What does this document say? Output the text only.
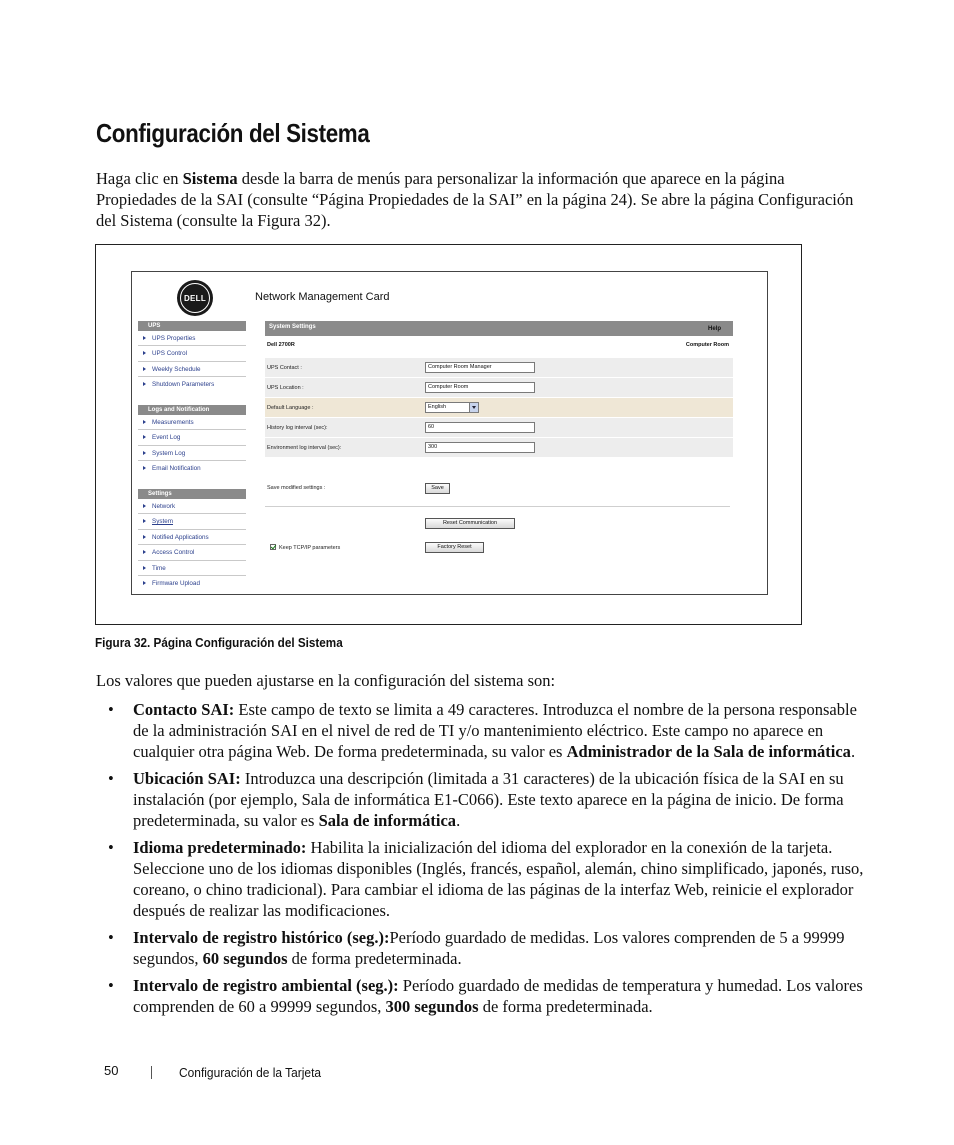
Configuración del Sistema

Haga clic en Sistema desde la barra de menús para personalizar la información que aparece en la página Propiedades de la SAI (consulte “Página Propiedades de la SAI” en la página 24). Se abre la página Configuración del Sistema (consulte la Figura 32).

DELL	Network Management Card
UPS
UPS Properties
UPS Control
Weekly Schedule
Shutdown Parameters
Logs and Notification
Measurements
Event Log
System Log
Email Notification
Settings
Network
System
Notified Applications
Access Control
Time
Firmware Upload
System Settings	Help
Dell 2700R	Computer Room
UPS Contact :	Computer Room Manager
UPS Location :	Computer Room
Default Language :	English
History log interval (sec):	60
Environment log interval (sec):	300
Save modified settings :	Save
Reset Communication
Keep TCP/IP parameters	Factory Reset

Figura 32. Página Configuración del Sistema

Los valores que pueden ajustarse en la configuración del sistema son:

• Contacto SAI: Este campo de texto se limita a 49 caracteres. Introduzca el nombre de la persona responsable de la administración SAI en el nivel de red de TI y/o mantenimiento eléctrico. Este campo no aparece en cualquier otra página Web. De forma predeterminada, su valor es Administrador de la Sala de informática.
• Ubicación SAI: Introduzca una descripción (limitada a 31 caracteres) de la ubicación física de la SAI en su instalación (por ejemplo, Sala de informática E1-C066). Este texto aparece en la página de inicio. De forma predeterminada, su valor es Sala de informática.
• Idioma predeterminado: Habilita la inicialización del idioma del explorador en la conexión de la tarjeta. Seleccione uno de los idiomas disponibles (Inglés, francés, español, alemán, chino simplificado, japonés, ruso, coreano, o chino tradicional). Para cambiar el idioma de las páginas de la interfaz Web, reinicie el explorador después de realizar las modificaciones.
• Intervalo de registro histórico (seg.):Período guardado de medidas. Los valores comprenden de 5 a 99999 segundos, 60 segundos de forma predeterminada.
• Intervalo de registro ambiental (seg.): Período guardado de medidas de temperatura y humedad. Los valores comprenden de 60 a 99999 segundos, 300 segundos de forma predeterminada.
50	Configuración de la Tarjeta
